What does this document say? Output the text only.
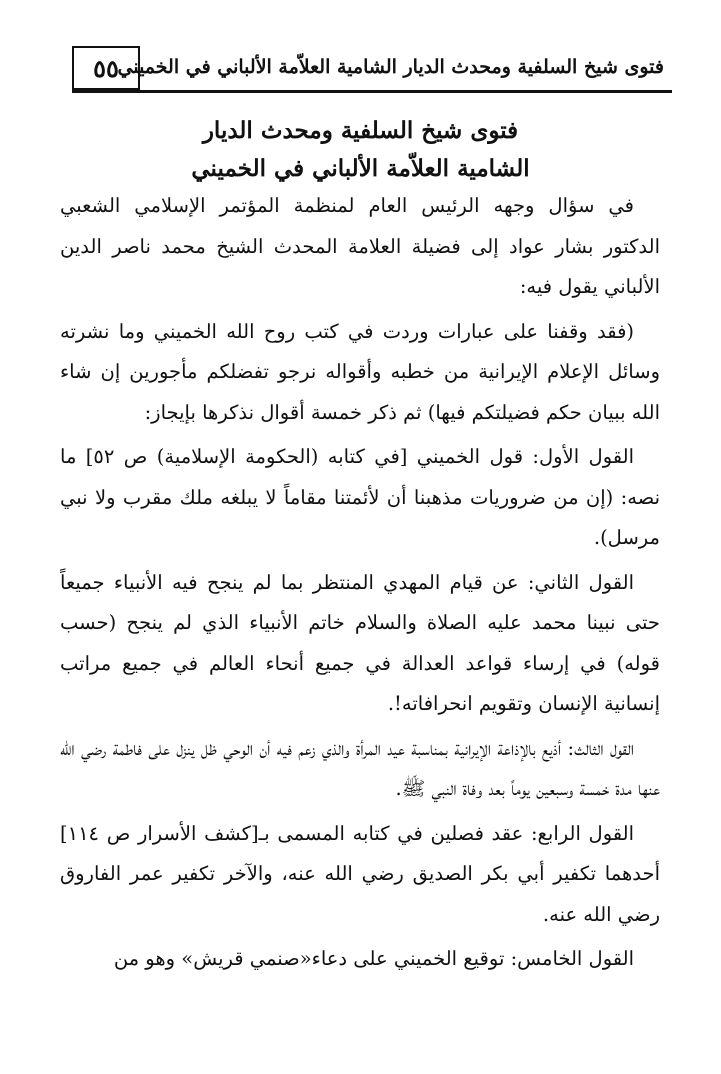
٥٥
فتوى شيخ السلفية ومحدث الديار الشامية العلاّمة الألباني في الخميني
فتوى شيخ السلفية ومحدث الديار
الشامية العلاّمة الألباني في الخميني

في سؤال وجهه الرئيس العام لمنظمة المؤتمر الإسلامي الشعبي الدكتور بشار عواد إلى فضيلة العلامة المحدث الشيخ محمد ناصر الدين الألباني يقول فيه:

(فقد وقفنا على عبارات وردت في كتب روح الله الخميني وما نشرته وسائل الإعلام الإيرانية من خطبه وأقواله نرجو تفضلكم مأجورين إن شاء الله ببيان حكم فضيلتكم فيها) ثم ذكر خمسة أقوال نذكرها بإيجاز:

القول الأول: قول الخميني [في كتابه (الحكومة الإسلامية) ص ٥٢] ما نصه: (إن من ضروريات مذهبنا أن لأئمتنا مقاماً لا يبلغه ملك مقرب ولا نبي مرسل).

القول الثاني: عن قيام المهدي المنتظر بما لم ينجح فيه الأنبياء جميعاً حتى نبينا محمد عليه الصلاة والسلام خاتم الأنبياء الذي لم ينجح (حسب قوله) في إرساء قواعد العدالة في جميع أنحاء العالم في جميع مراتب إنسانية الإنسان وتقويم انحرافاته!.

القول الثالث: أذيع بالإذاعة الإيرانية بمناسبة عيد المرأة والذي زعم فيه أن الوحي ظل ينزل على فاطمة رضي الله عنها مدة خمسة وسبعين يوماً بعد وفاة النبي ﷺ.

القول الرابع: عقد فصلين في كتابه المسمى بـ[كشف الأسرار ص ١١٤] أحدهما تكفير أبي بكر الصديق رضي الله عنه، والآخر تكفير عمر الفاروق رضي الله عنه.

القول الخامس: توقيع الخميني على دعاء«صنمي قريش» وهو من
